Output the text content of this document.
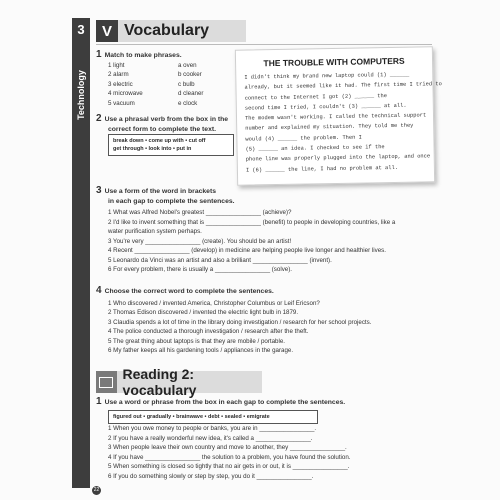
3
Technology
V Vocabulary
1 Match to make phrases.
1 light	a oven
2 alarm	b cooker
3 electric	c bulb
4 microwave	d cleaner
5 vacuum	e clock
2 Use a phrasal verb from the box in the
correct form to complete the text.
break down • come up with • cut off
get through • look into • put in
THE TROUBLE WITH COMPUTERS
I didn't think my brand new laptop could (1) ______
already, but it seemed like it had. The first time I tried to
connect to the Internet I got (2) ______ the
second time I tried, I couldn't (3) ______ at all.
The modem wasn't working. I called the technical support
number and explained my situation. They told me they
would (4) ______ the problem. Then I
(5) ______ an idea. I checked to see if the
phone line was properly plugged into the laptop, and once
I (6) ______ the line, I had no problem at all.
3 Use a form of the word in brackets
in each gap to complete the sentences.
1 What was Alfred Nobel's greatest ________________ (achieve)?
2 I'd like to invent something that is ________________ (benefit) to people in developing countries, like a
water purification system perhaps.
3 You're very ________________ (create). You should be an artist!
4 Recent ________________ (develop) in medicine are helping people live longer and healthier lives.
5 Leonardo da Vinci was an artist and also a brilliant ________________ (invent).
6 For every problem, there is usually a ________________ (solve).
4 Choose the correct word to complete the sentences.
1 Who discovered / invented America, Christopher Columbus or Leif Ericson?
2 Thomas Edison discovered / invented the electric light bulb in 1879.
3 Claudia spends a lot of time in the library doing investigation / research for her school projects.
4 The police conducted a thorough investigation / research after the theft.
5 The great thing about laptops is that they are mobile / portable.
6 My father keeps all his gardening tools / appliances in the garage.
Reading 2: vocabulary
1 Use a word or phrase from the box in each gap to complete the sentences.
figured out • gradually • brainwave • debt • sealed • emigrate
1 When you owe money to people or banks, you are in ________________.
2 If you have a really wonderful new idea, it's called a ________________.
3 When people leave their own country and move to another, they ________________.
4 If you have ________________ the solution to a problem, you have found the solution.
5 When something is closed so tightly that no air gets in or out, it is ________________.
6 If you do something slowly or step by step, you do it ________________.
22
